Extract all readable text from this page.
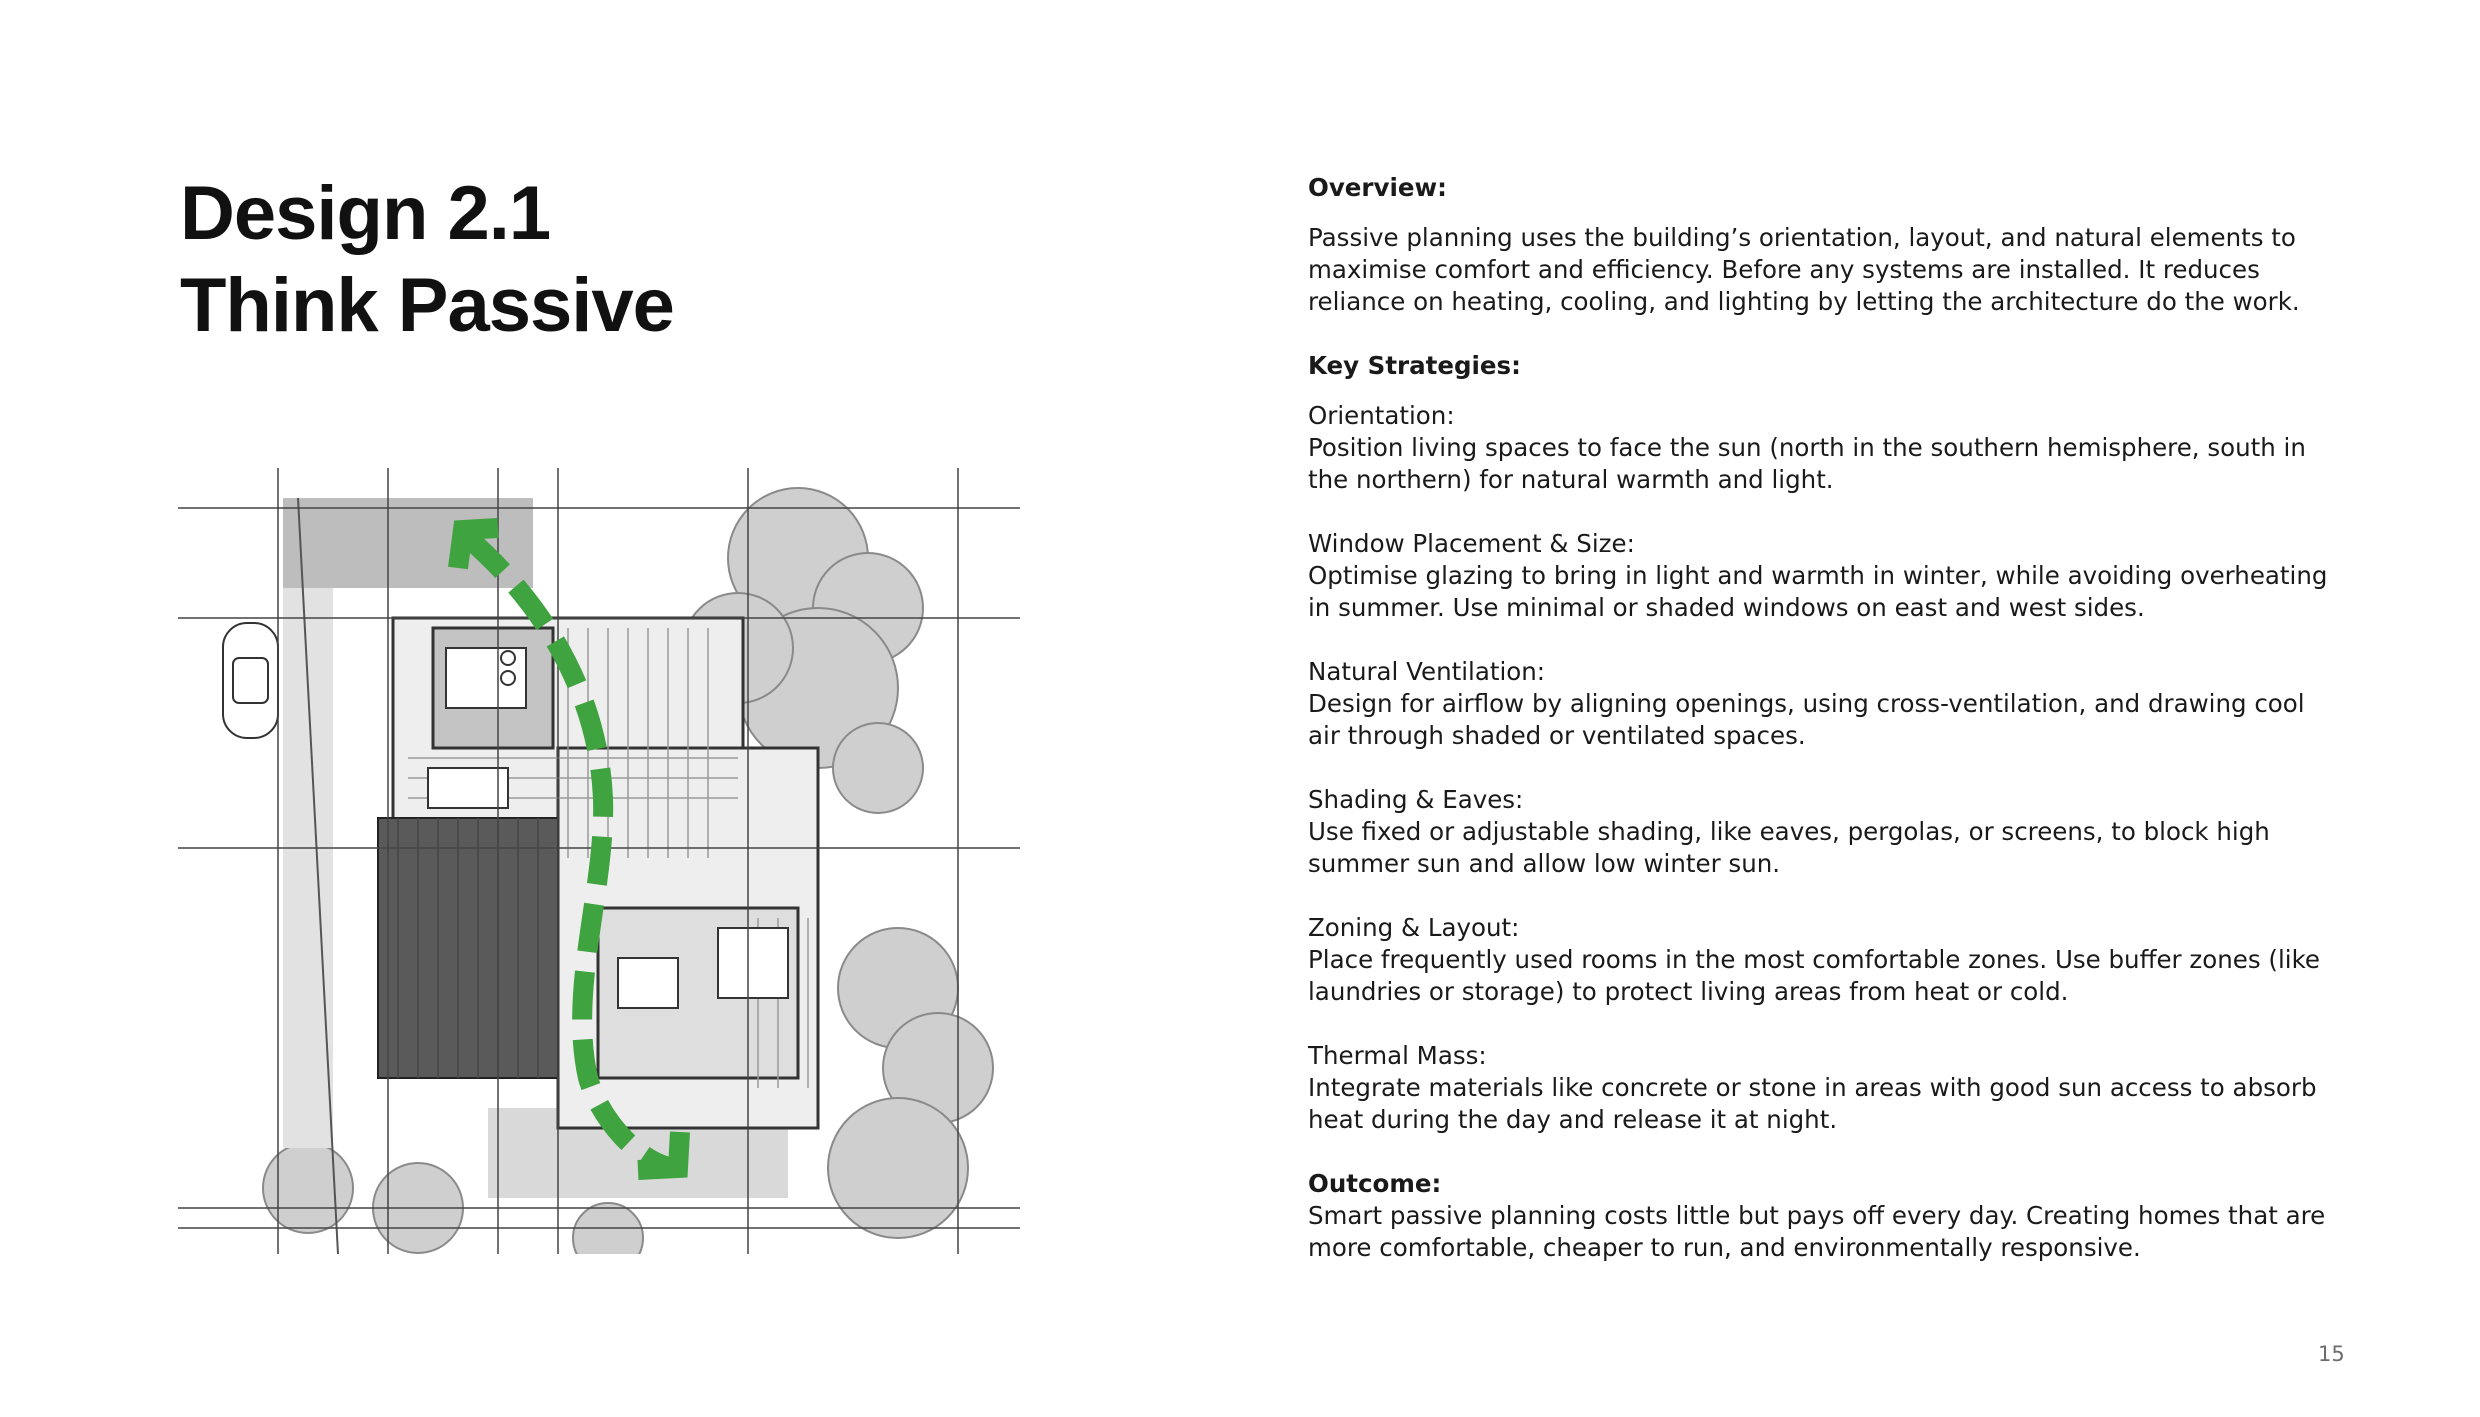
Design 2.1
Think Passive

Overview:

Passive planning uses the building’s orientation, layout, and natural elements to maximise comfort and efficiency. Before any systems are installed. It reduces reliance on heating, cooling, and lighting by letting the architecture do the work.

Key Strategies:

Orientation:

Position living spaces to face the sun (north in the southern hemisphere, south in the northern) for natural warmth and light.

Window Placement & Size:

Optimise glazing to bring in light and warmth in winter, while avoiding overheating in summer. Use minimal or shaded windows on east and west sides.

Natural Ventilation:

Design for airflow by aligning openings, using cross-ventilation, and drawing cool air through shaded or ventilated spaces.

Shading & Eaves:

Use fixed or adjustable shading, like eaves, pergolas, or screens, to block high summer sun and allow low winter sun.

Zoning & Layout:

Place frequently used rooms in the most comfortable zones. Use buffer zones (like laundries or storage) to protect living areas from heat or cold.

Thermal Mass:

Integrate materials like concrete or stone in areas with good sun access to absorb heat during the day and release it at night.

Outcome:

Smart passive planning costs little but pays off every day. Creating homes that are more comfortable, cheaper to run, and environmentally responsive.

15
